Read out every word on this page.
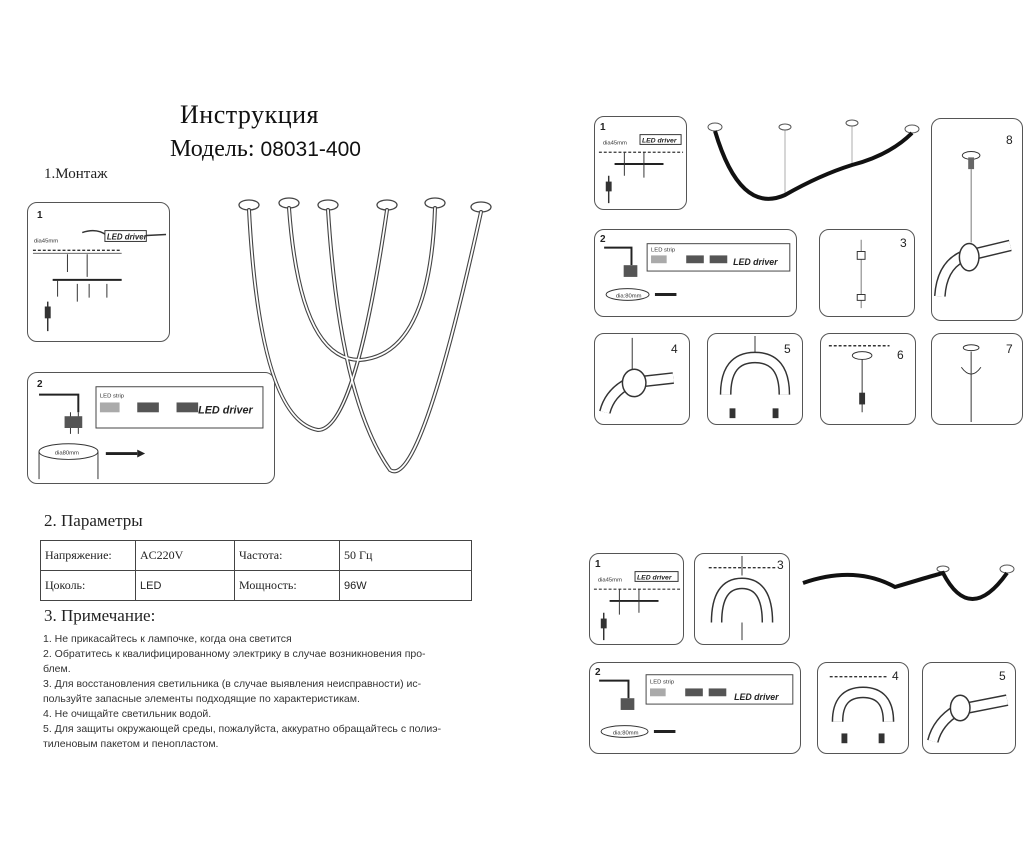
Инструкция
Модель: 08031-400
1.Монтаж
1
LED driver
dia45mm
2
LED strip
LED driver
dia80mm
2. Параметры
Напряжение:	AC220V	Частота:	50 Гц
Цоколь:	LED	Мощность:	96W
3. Примечание:
1. Не прикасайтесь к лампочке, когда она светится
2. Обратитесь к квалифицированному электрику в случае возникновения про-
блем.
3. Для восстановления светильника (в случае выявления неисправности) ис-
пользуйте запасные элементы подходящие по характеристикам.
4. Не очищайте светильник водой.
5. Для защиты окружающей среды, пожалуйста, аккуратно обращайтесь с полиэ-
тиленовым пакетом и пенопластом.
1
dia45mm LED driver	8
2
LED strip
LED driver
dia:80mm
3
4	5	6	7
1
dia45mm LED driver
3
2
LED strip
LED driver
dia:80mm
4	5
